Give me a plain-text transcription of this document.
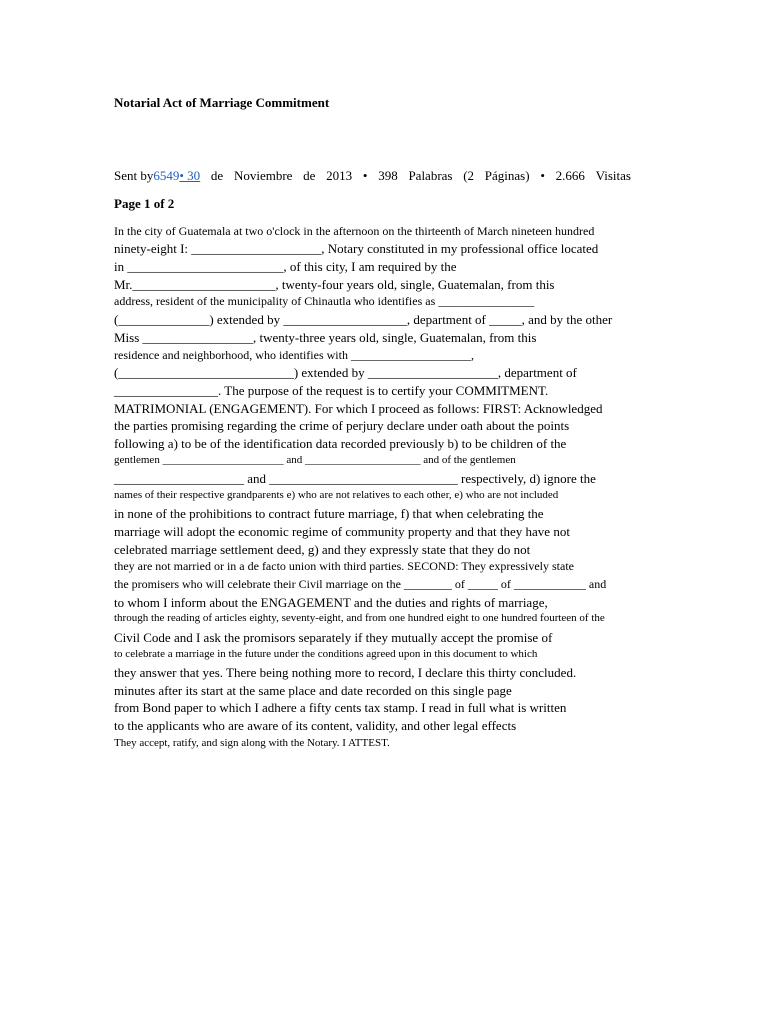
Notarial Act of Marriage Commitment
Sent by6549• 30 de Noviembre de 2013 • 398 Palabras (2 Páginas) • 2.666 Visitas
Page 1 of 2
In the city of Guatemala at two o'clock in the afternoon on the thirteenth of March nineteen hundred
ninety-eight I: ____________________, Notary constituted in my professional office located
in ________________________, of this city, I am required by the
Mr.______________________, twenty-four years old, single, Guatemalan, from this
address, resident of the municipality of Chinautla who identifies as ________________
(______________) extended by ___________________, department of _____, and by the other
Miss _________________, twenty-three years old, single, Guatemalan, from this
residence and neighborhood, who identifies with ____________________,
(___________________________) extended by ____________________, department of
________________. The purpose of the request is to certify your COMMITMENT.
MATRIMONIAL (ENGAGEMENT). For which I proceed as follows: FIRST: Acknowledged
the parties promising regarding the crime of perjury declare under oath about the points
following a) to be of the identification data recorded previously b) to be children of the
gentlemen ______________________ and _____________________ and of the gentlemen
____________________ and _____________________________ respectively, d) ignore the
names of their respective grandparents e) who are not relatives to each other, e) who are not included
in none of the prohibitions to contract future marriage, f) that when celebrating the
marriage will adopt the economic regime of community property and that they have not
celebrated marriage settlement deed, g) and they expressly state that they do not
they are not married or in a de facto union with third parties. SECOND: They expressively state
the promisers who will celebrate their Civil marriage on the ________ of _____ of ____________ and
to whom I inform about the ENGAGEMENT and the duties and rights of marriage,
through the reading of articles eighty, seventy-eight, and from one hundred eight to one hundred fourteen of the
Civil Code and I ask the promisors separately if they mutually accept the promise of
to celebrate a marriage in the future under the conditions agreed upon in this document to which
they answer that yes. There being nothing more to record, I declare this thirty concluded.
minutes after its start at the same place and date recorded on this single page
from Bond paper to which I adhere a fifty cents tax stamp. I read in full what is written
to the applicants who are aware of its content, validity, and other legal effects
They accept, ratify, and sign along with the Notary. I ATTEST.
